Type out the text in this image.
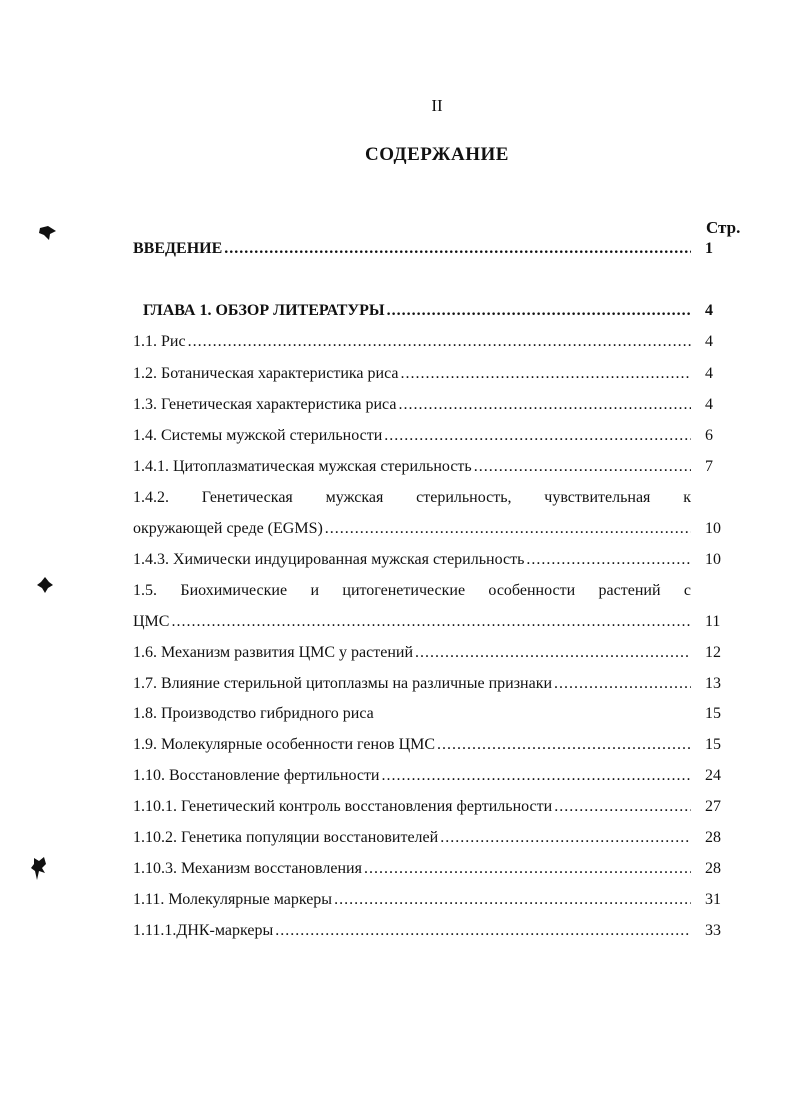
II
СОДЕРЖАНИЕ
Стр.
ВВЕДЕНИЕ .....	1
ГЛАВА 1. ОБЗОР ЛИТЕРАТУРЫ .....	4
1.1. Рис .....	4
1.2. Ботаническая характеристика риса .....	4
1.3. Генетическая характеристика риса .....	4
1.4. Системы мужской стерильности .....	6
1.4.1. Цитоплазматическая мужская стерильность .....	7
1.4.2. Генетическая мужская стерильность, чувствительная к
окружающей среде (EGMS) .....	10
1.4.3. Химически индуцированная мужская стерильность .....	10
1.5. Биохимические и цитогенетические особенности растений с
ЦМС .....	11
1.6. Механизм развития ЦМС у растений .....	12
1.7. Влияние стерильной цитоплазмы на различные признаки .....	13
1.8. Производство гибридного риса	15
1.9. Молекулярные особенности генов ЦМС .....	15
1.10. Восстановление фертильности .....	24
1.10.1. Генетический контроль восстановления фертильности .....	27
1.10.2. Генетика популяции восстановителей .....	28
1.10.3. Механизм восстановления .....	28
1.11. Молекулярные маркеры .....	31
1.11.1.ДНК-маркеры .....	33
